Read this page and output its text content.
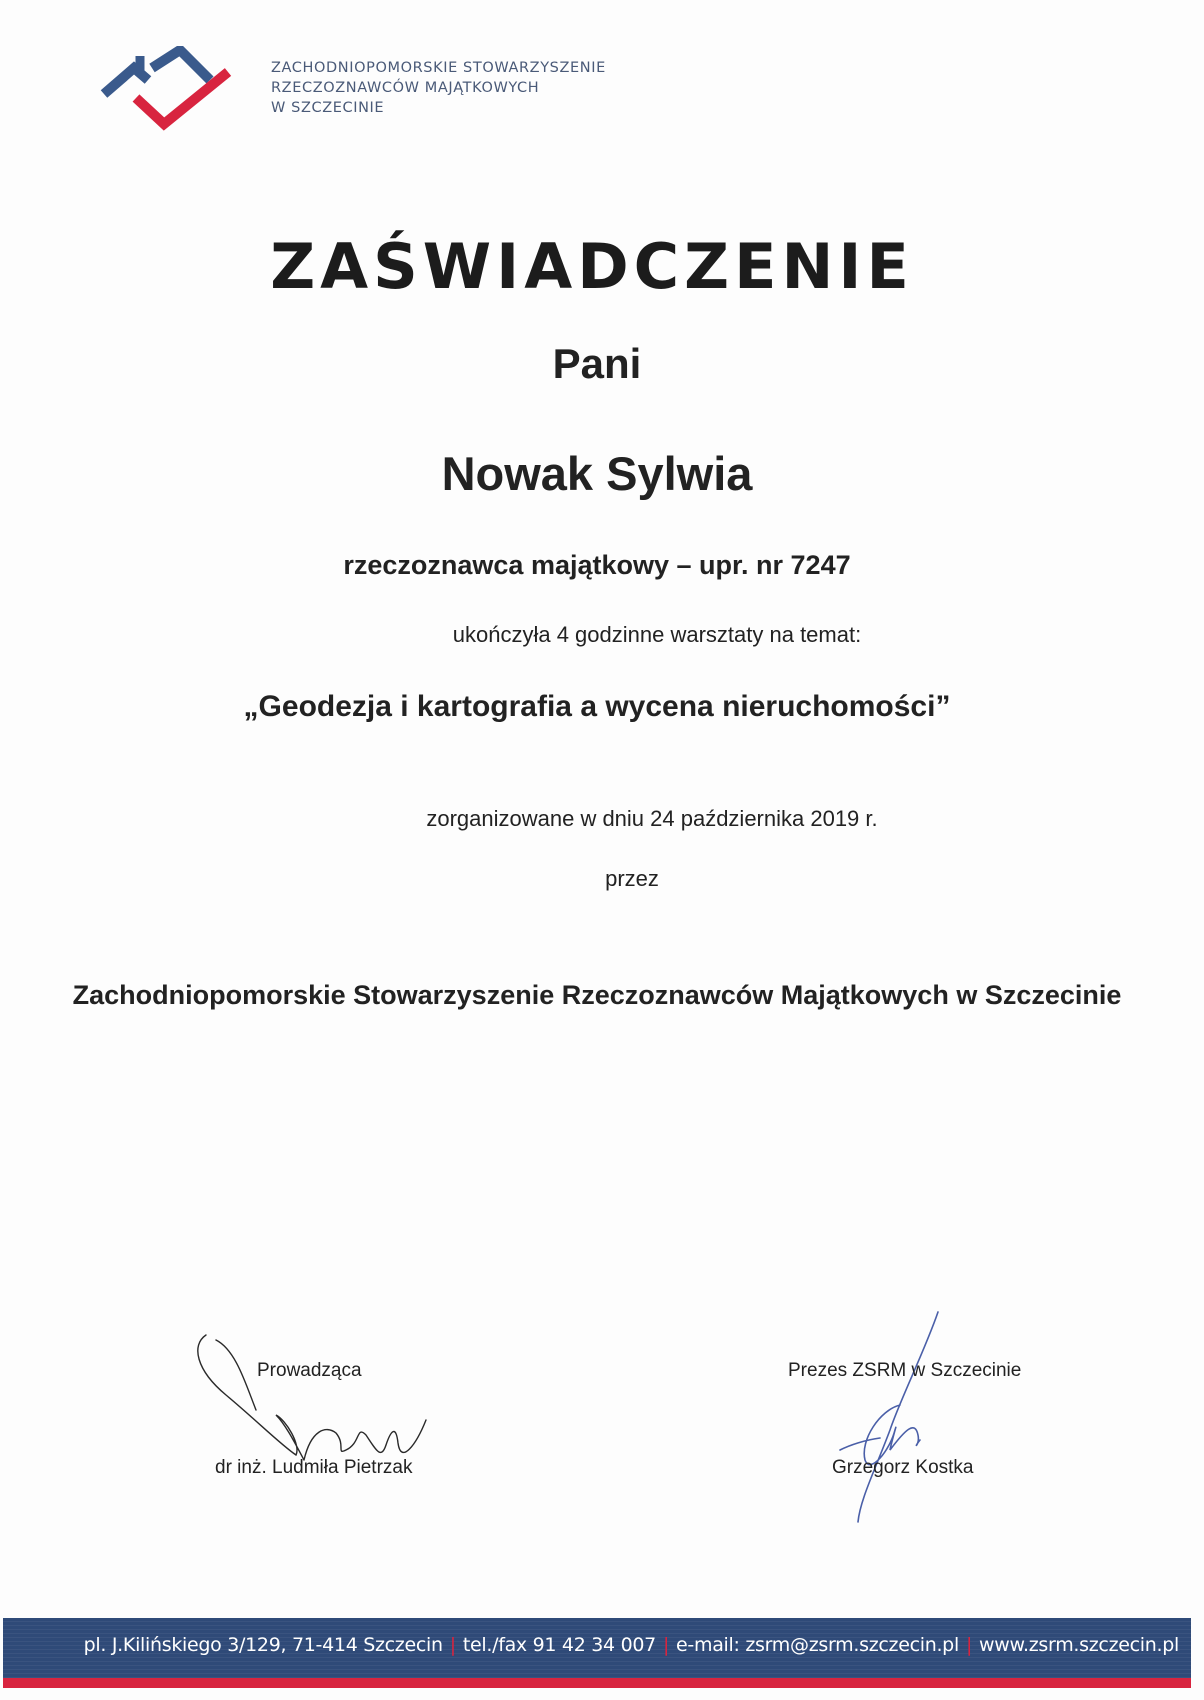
ZACHODNIOPOMORSKIE STOWARZYSZENIE
RZECZOZNAWCÓW MAJĄTKOWYCH
W SZCZECINIE
ZAŚWIADCZENIE
Pani
Nowak Sylwia
rzeczoznawca majątkowy – upr. nr 7247
ukończyła 4 godzinne warsztaty na temat:
„Geodezja i kartografia a wycena nieruchomości”
zorganizowane w dniu 24 października 2019 r.
przez
Zachodniopomorskie Stowarzyszenie Rzeczoznawców Majątkowych w Szczecinie
Prowadząca
dr inż. Ludmiła Pietrzak
Prezes ZSRM w Szczecinie
Grzegorz Kostka
pl. J.Kilińskiego 3/129, 71-414 Szczecin | tel./fax 91 42 34 007 | e-mail: zsrm@zsrm.szczecin.pl | www.zsrm.szczecin.pl
